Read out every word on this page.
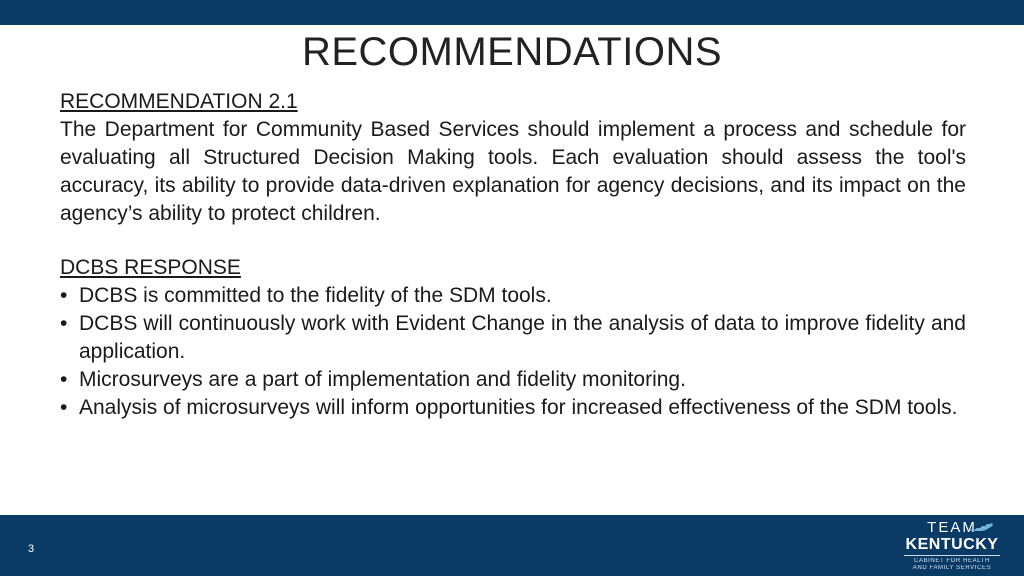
RECOMMENDATIONS
RECOMMENDATION 2.1

The Department for Community Based Services should implement a process and schedule for evaluating all Structured Decision Making tools. Each evaluation should assess the tool's accuracy, its ability to provide data-driven explanation for agency decisions, and its impact on the agency’s ability to protect children.

DCBS RESPONSE
• DCBS is committed to the fidelity of the SDM tools.
• DCBS will continuously work with Evident Change in the analysis of data to improve fidelity and application.
• Microsurveys are a part of implementation and fidelity monitoring.
• Analysis of microsurveys will inform opportunities for increased effectiveness of the SDM tools.
3
TEAM
KENTUCKY
CABINET FOR HEALTH
AND FAMILY SERVICES
